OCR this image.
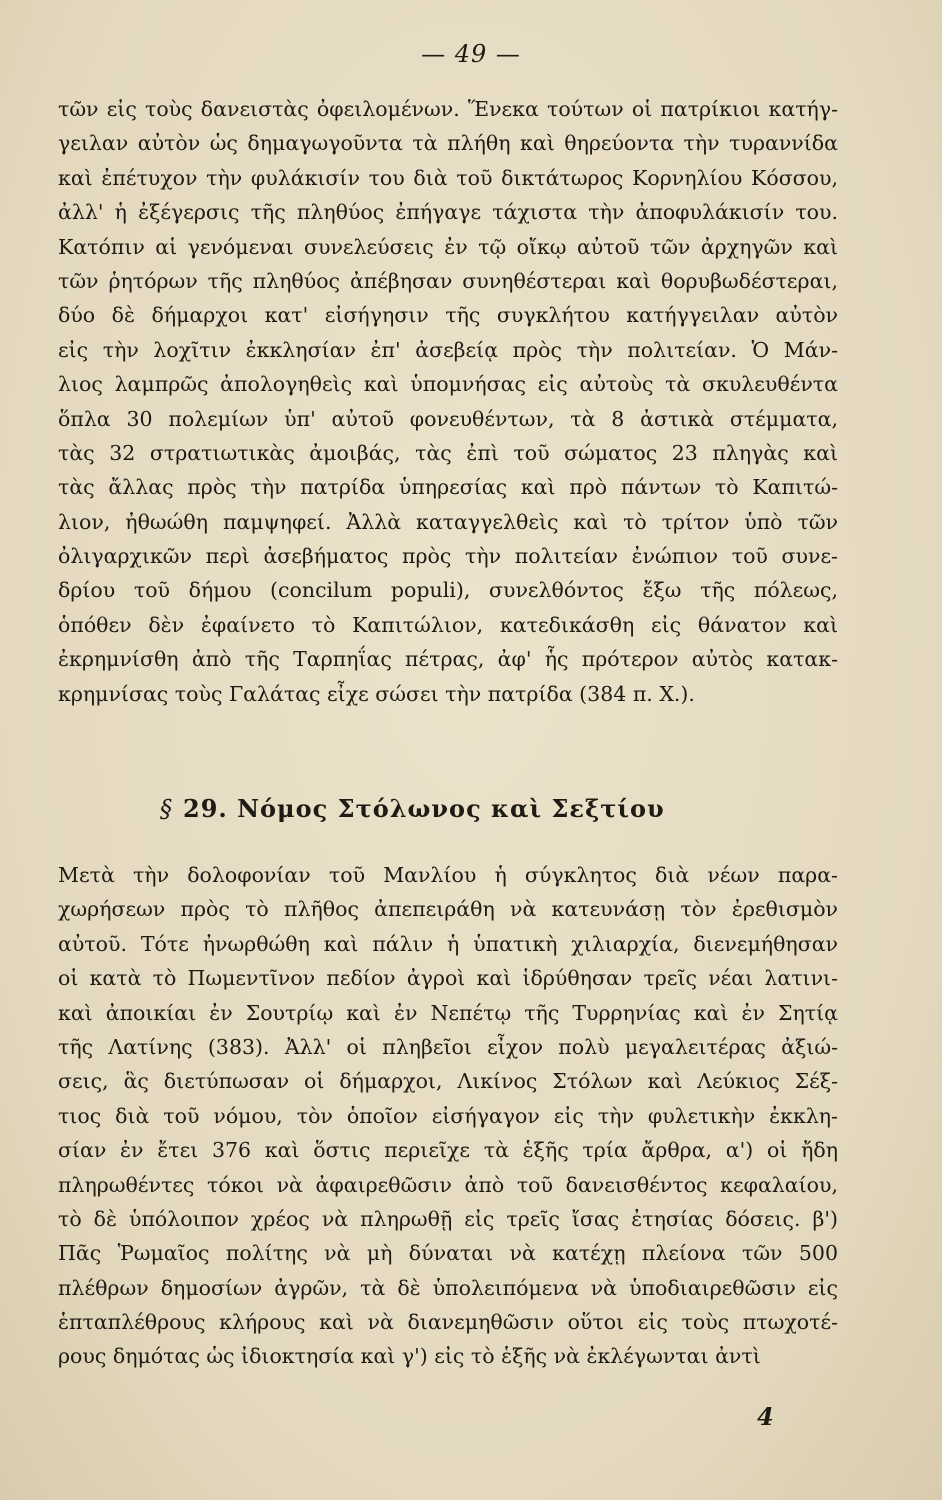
— 49 —
τῶν εἰς τοὺς δανειστὰς ὀφειλομένων. Ἕνεκα τούτων οἱ πατρίκιοι κατήγ-
γειλαν αὐτὸν ὡς δημαγωγοῦντα τὰ πλήθη καὶ θηρεύοντα τὴν τυραννίδα
καὶ ἐπέτυχον τὴν φυλάκισίν του διὰ τοῦ δικτάτωρος Κορνηλίου Κόσσου,
ἀλλ' ἡ ἐξέγερσις τῆς πληθύος ἐπήγαγε τάχιστα τὴν ἀποφυλάκισίν του.
Κατόπιν αἱ γενόμεναι συνελεύσεις ἐν τῷ οἴκῳ αὐτοῦ τῶν ἀρχηγῶν καὶ
τῶν ῥητόρων τῆς πληθύος ἀπέβησαν συνηθέστεραι καὶ θορυβωδέστεραι,
δύο δὲ δήμαρχοι κατ' εἰσήγησιν τῆς συγκλήτου κατήγγειλαν αὐτὸν
εἰς τὴν λοχῖτιν ἐκκλησίαν ἐπ' ἀσεβείᾳ πρὸς τὴν πολιτείαν. Ὁ Μάν-
λιος λαμπρῶς ἀπολογηθεὶς καὶ ὑπομνήσας εἰς αὐτοὺς τὰ σκυλευθέντα
ὅπλα 30 πολεμίων ὑπ' αὐτοῦ φονευθέντων, τὰ 8 ἀστικὰ στέμματα,
τὰς 32 στρατιωτικὰς ἀμοιβάς, τὰς ἐπὶ τοῦ σώματος 23 πληγὰς καὶ
τὰς ἄλλας πρὸς τὴν πατρίδα ὑπηρεσίας καὶ πρὸ πάντων τὸ Καπιτώ-
λιον, ἠθωώθη παμψηφεί. Ἀλλὰ καταγγελθεὶς καὶ τὸ τρίτον ὑπὸ τῶν
ὀλιγαρχικῶν περὶ ἀσεβήματος πρὸς τὴν πολιτείαν ἐνώπιον τοῦ συνε-
δρίου τοῦ δήμου (concilum populi), συνελθόντος ἔξω τῆς πόλεως,
ὁπόθεν δὲν ἐφαίνετο τὸ Καπιτώλιον, κατεδικάσθη εἰς θάνατον καὶ
ἐκρημνίσθη ἀπὸ τῆς Ταρπηΐας πέτρας, ἀφ' ἧς πρότερον αὐτὸς κατακ-
κρημνίσας τοὺς Γαλάτας εἶχε σώσει τὴν πατρίδα (384 π. Χ.).
§ 29. Νόμος Στόλωνος καὶ Σεξτίου
Μετὰ τὴν δολοφονίαν τοῦ Μανλίου ἡ σύγκλητος διὰ νέων παρα-
χωρήσεων πρὸς τὸ πλῆθος ἀπεπειράθη νὰ κατευνάσῃ τὸν ἐρεθισμὸν
αὐτοῦ. Τότε ἠνωρθώθη καὶ πάλιν ἡ ὑπατικὴ χιλιαρχία, διενεμήθησαν
οἱ κατὰ τὸ Πωμεντῖνον πεδίον ἀγροὶ καὶ ἱδρύθησαν τρεῖς νέαι λατινι-
καὶ ἀποικίαι ἐν Σουτρίῳ καὶ ἐν Νεπέτῳ τῆς Τυρρηνίας καὶ ἐν Σητίᾳ
τῆς Λατίνης (383). Ἀλλ' οἱ πληβεῖοι εἶχον πολὺ μεγαλειτέρας ἀξιώ-
σεις, ἃς διετύπωσαν οἱ δήμαρχοι, Λικίνος Στόλων καὶ Λεύκιος Σέξ-
τιος διὰ τοῦ νόμου, τὸν ὁποῖον εἰσήγαγον εἰς τὴν φυλετικὴν ἐκκλη-
σίαν ἐν ἔτει 376 καὶ ὅστις περιεῖχε τὰ ἑξῆς τρία ἄρθρα, α') οἱ ἤδη
πληρωθέντες τόκοι νὰ ἀφαιρεθῶσιν ἀπὸ τοῦ δανεισθέντος κεφαλαίου,
τὸ δὲ ὑπόλοιπον χρέος νὰ πληρωθῇ εἰς τρεῖς ἴσας ἐτησίας δόσεις. β')
Πᾶς Ῥωμαῖος πολίτης νὰ μὴ δύναται νὰ κατέχῃ πλείονα τῶν 500
πλέθρων δημοσίων ἀγρῶν, τὰ δὲ ὑπολειπόμενα νὰ ὑποδιαιρεθῶσιν εἰς
ἑπταπλέθρους κλήρους καὶ νὰ διανεμηθῶσιν οὕτοι εἰς τοὺς πτωχοτέ-
ρους δημότας ὡς ἰδιοκτησία καὶ γ') εἰς τὸ ἑξῆς νὰ ἐκλέγωνται ἀντὶ
4
